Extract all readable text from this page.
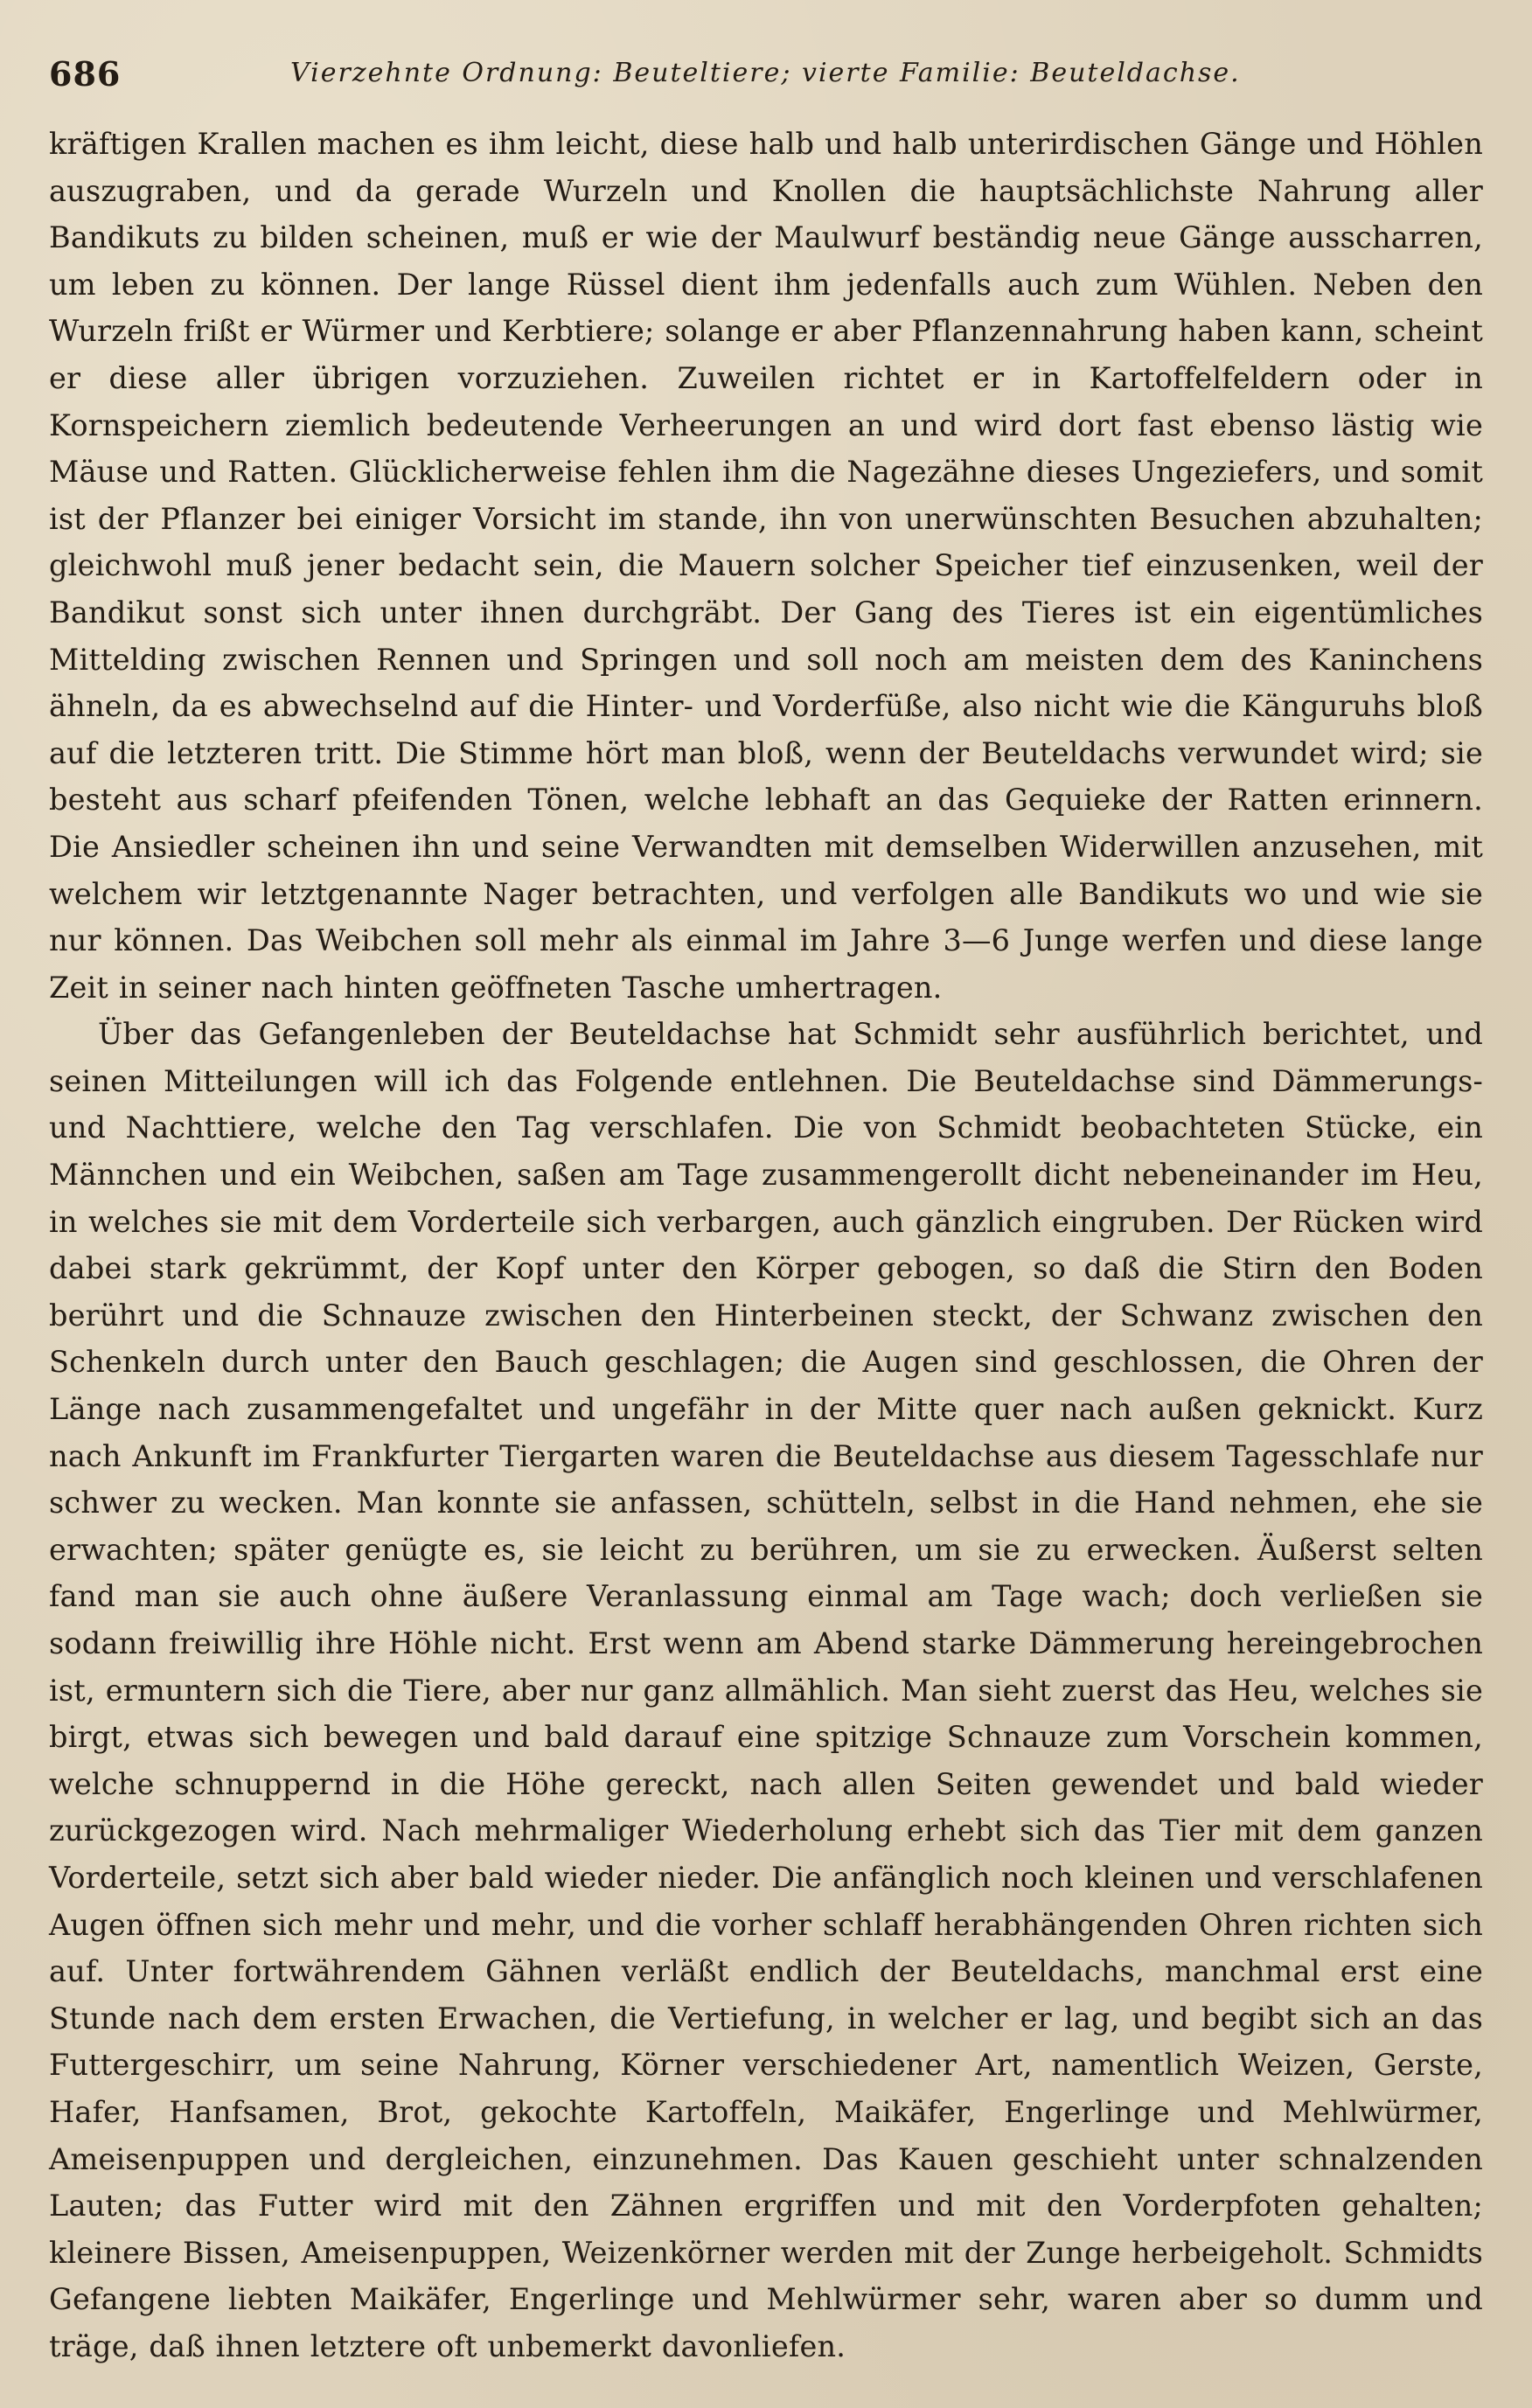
686	Vierzehnte Ordnung: Beuteltiere; vierte Familie: Beuteldachse.

kräftigen Krallen machen es ihm leicht, diese halb und halb unterirdischen Gänge und Höhlen auszugraben, und da gerade Wurzeln und Knollen die hauptsächlichste Nahrung aller Bandikuts zu bilden scheinen, muß er wie der Maulwurf beständig neue Gänge ausscharren, um leben zu können. Der lange Rüssel dient ihm jedenfalls auch zum Wühlen. Neben den Wurzeln frißt er Würmer und Kerbtiere; solange er aber Pflanzennahrung haben kann, scheint er diese aller übrigen vorzuziehen. Zuweilen richtet er in Kartoffelfeldern oder in Kornspeichern ziemlich bedeutende Verheerungen an und wird dort fast ebenso lästig wie Mäuse und Ratten. Glücklicherweise fehlen ihm die Nagezähne dieses Ungeziefers, und somit ist der Pflanzer bei einiger Vorsicht im stande, ihn von unerwünschten Besuchen abzuhalten; gleichwohl muß jener bedacht sein, die Mauern solcher Speicher tief einzusenken, weil der Bandikut sonst sich unter ihnen durchgräbt. Der Gang des Tieres ist ein eigentümliches Mittelding zwischen Rennen und Springen und soll noch am meisten dem des Kaninchens ähneln, da es abwechselnd auf die Hinter- und Vorderfüße, also nicht wie die Känguruhs bloß auf die letzteren tritt. Die Stimme hört man bloß, wenn der Beuteldachs verwundet wird; sie besteht aus scharf pfeifenden Tönen, welche lebhaft an das Gequieke der Ratten erinnern. Die Ansiedler scheinen ihn und seine Verwandten mit demselben Widerwillen anzusehen, mit welchem wir letztgenannte Nager betrachten, und verfolgen alle Bandikuts wo und wie sie nur können. Das Weibchen soll mehr als einmal im Jahre 3—6 Junge werfen und diese lange Zeit in seiner nach hinten geöffneten Tasche umhertragen.

Über das Gefangenleben der Beuteldachse hat Schmidt sehr ausführlich berichtet, und seinen Mitteilungen will ich das Folgende entlehnen. Die Beuteldachse sind Dämmerungs- und Nachttiere, welche den Tag verschlafen. Die von Schmidt beobachteten Stücke, ein Männchen und ein Weibchen, saßen am Tage zusammengerollt dicht nebeneinander im Heu, in welches sie mit dem Vorderteile sich verbargen, auch gänzlich eingruben. Der Rücken wird dabei stark gekrümmt, der Kopf unter den Körper gebogen, so daß die Stirn den Boden berührt und die Schnauze zwischen den Hinterbeinen steckt, der Schwanz zwischen den Schenkeln durch unter den Bauch geschlagen; die Augen sind geschlossen, die Ohren der Länge nach zusammengefaltet und ungefähr in der Mitte quer nach außen geknickt. Kurz nach Ankunft im Frankfurter Tiergarten waren die Beuteldachse aus diesem Tagesschlafe nur schwer zu wecken. Man konnte sie anfassen, schütteln, selbst in die Hand nehmen, ehe sie erwachten; später genügte es, sie leicht zu berühren, um sie zu erwecken. Äußerst selten fand man sie auch ohne äußere Veranlassung einmal am Tage wach; doch verließen sie sodann freiwillig ihre Höhle nicht. Erst wenn am Abend starke Dämmerung hereingebrochen ist, ermuntern sich die Tiere, aber nur ganz allmählich. Man sieht zuerst das Heu, welches sie birgt, etwas sich bewegen und bald darauf eine spitzige Schnauze zum Vorschein kommen, welche schnuppernd in die Höhe gereckt, nach allen Seiten gewendet und bald wieder zurückgezogen wird. Nach mehrmaliger Wiederholung erhebt sich das Tier mit dem ganzen Vorderteile, setzt sich aber bald wieder nieder. Die anfänglich noch kleinen und verschlafenen Augen öffnen sich mehr und mehr, und die vorher schlaff herabhängenden Ohren richten sich auf. Unter fortwährendem Gähnen verläßt endlich der Beuteldachs, manchmal erst eine Stunde nach dem ersten Erwachen, die Vertiefung, in welcher er lag, und begibt sich an das Futtergeschirr, um seine Nahrung, Körner verschiedener Art, namentlich Weizen, Gerste, Hafer, Hanfsamen, Brot, gekochte Kartoffeln, Maikäfer, Engerlinge und Mehlwürmer, Ameisenpuppen und dergleichen, einzunehmen. Das Kauen geschieht unter schnalzenden Lauten; das Futter wird mit den Zähnen ergriffen und mit den Vorderpfoten gehalten; kleinere Bissen, Ameisenpuppen, Weizenkörner werden mit der Zunge herbeigeholt. Schmidts Gefangene liebten Maikäfer, Engerlinge und Mehlwürmer sehr, waren aber so dumm und träge, daß ihnen letztere oft unbemerkt davonliefen.
